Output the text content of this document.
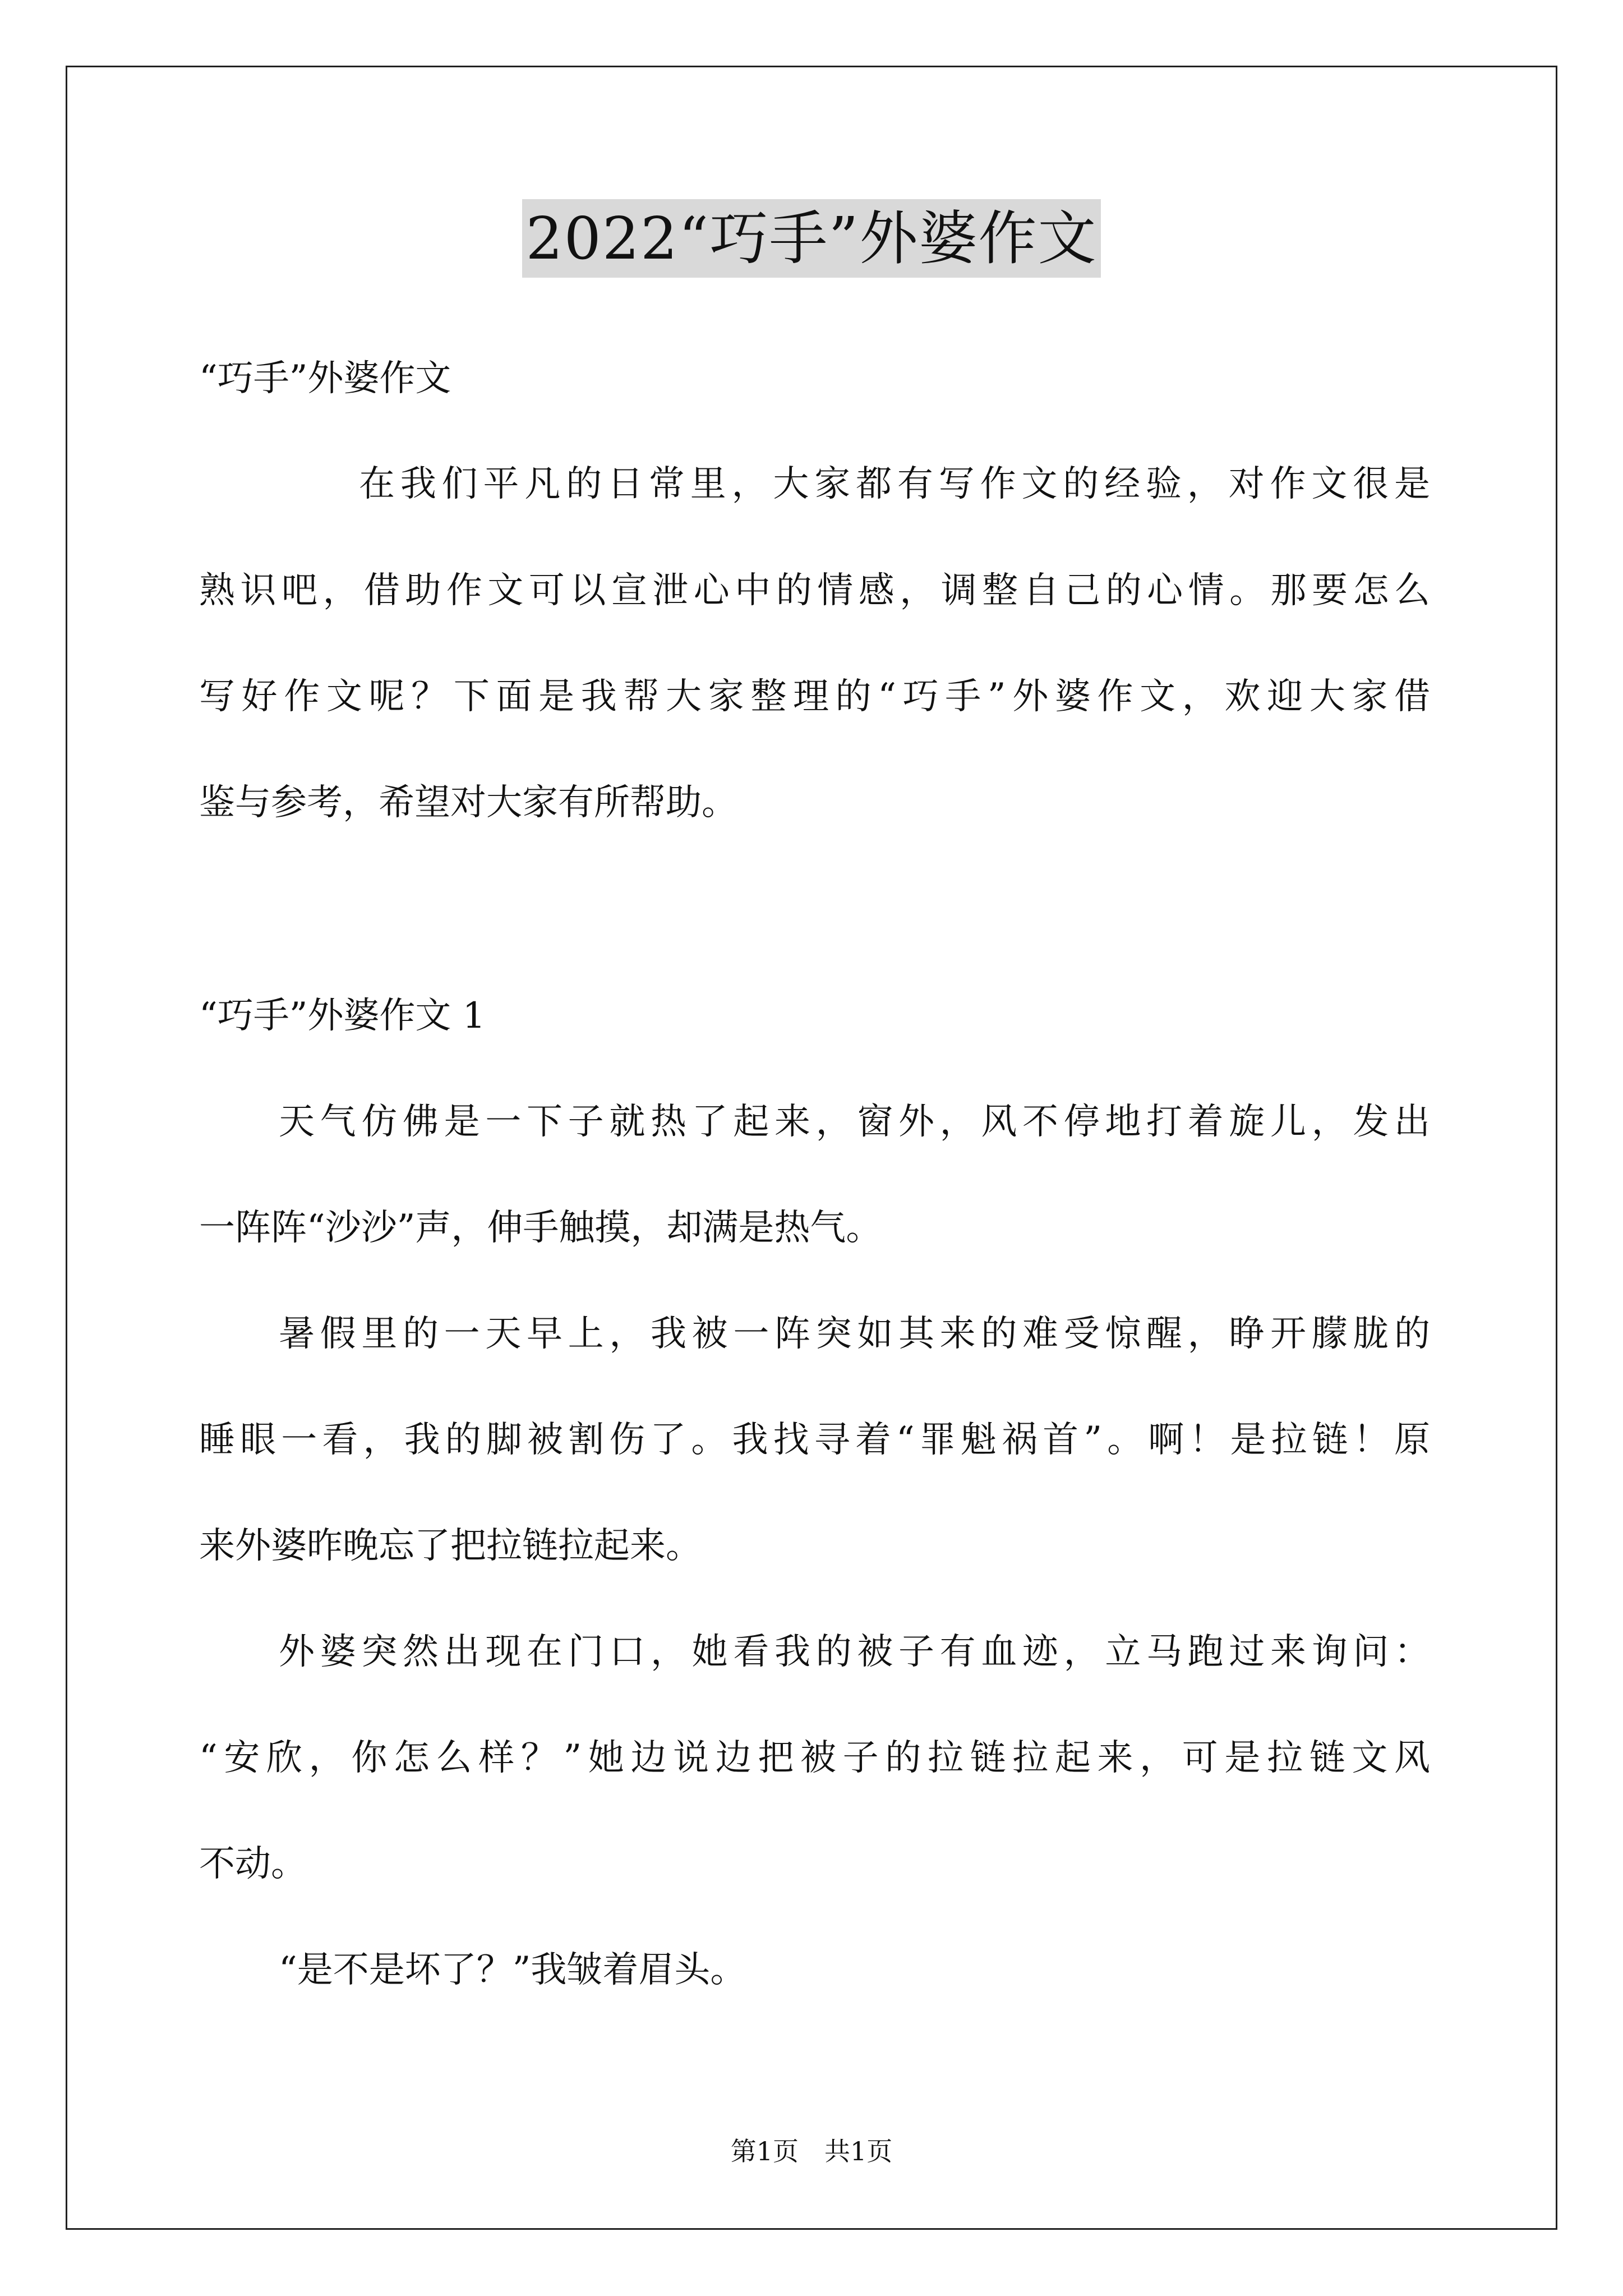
2022“巧手”外婆作文
“巧手”外婆作文
在我们平凡的日常里，大家都有写作文的经验，对作文很是
熟识吧，借助作文可以宣泄心中的情感，调整自己的心情。那要怎么
写好作文呢？下面是我帮大家整理的“巧手”外婆作文，欢迎大家借
鉴与参考，希望对大家有所帮助。
“巧手”外婆作文 1
天气仿佛是一下子就热了起来，窗外，风不停地打着旋儿，发出
一阵阵“沙沙”声，伸手触摸，却满是热气。
暑假里的一天早上，我被一阵突如其来的难受惊醒，睁开朦胧的
睡眼一看，我的脚被割伤了。我找寻着“罪魁祸首”。啊！是拉链！原
来外婆昨晚忘了把拉链拉起来。
外婆突然出现在门口，她看我的被子有血迹，立马跑过来询问：
“安欣，你怎么样？”她边说边把被子的拉链拉起来，可是拉链文风
不动。
“是不是坏了？”我皱着眉头。
第1页　共1页
